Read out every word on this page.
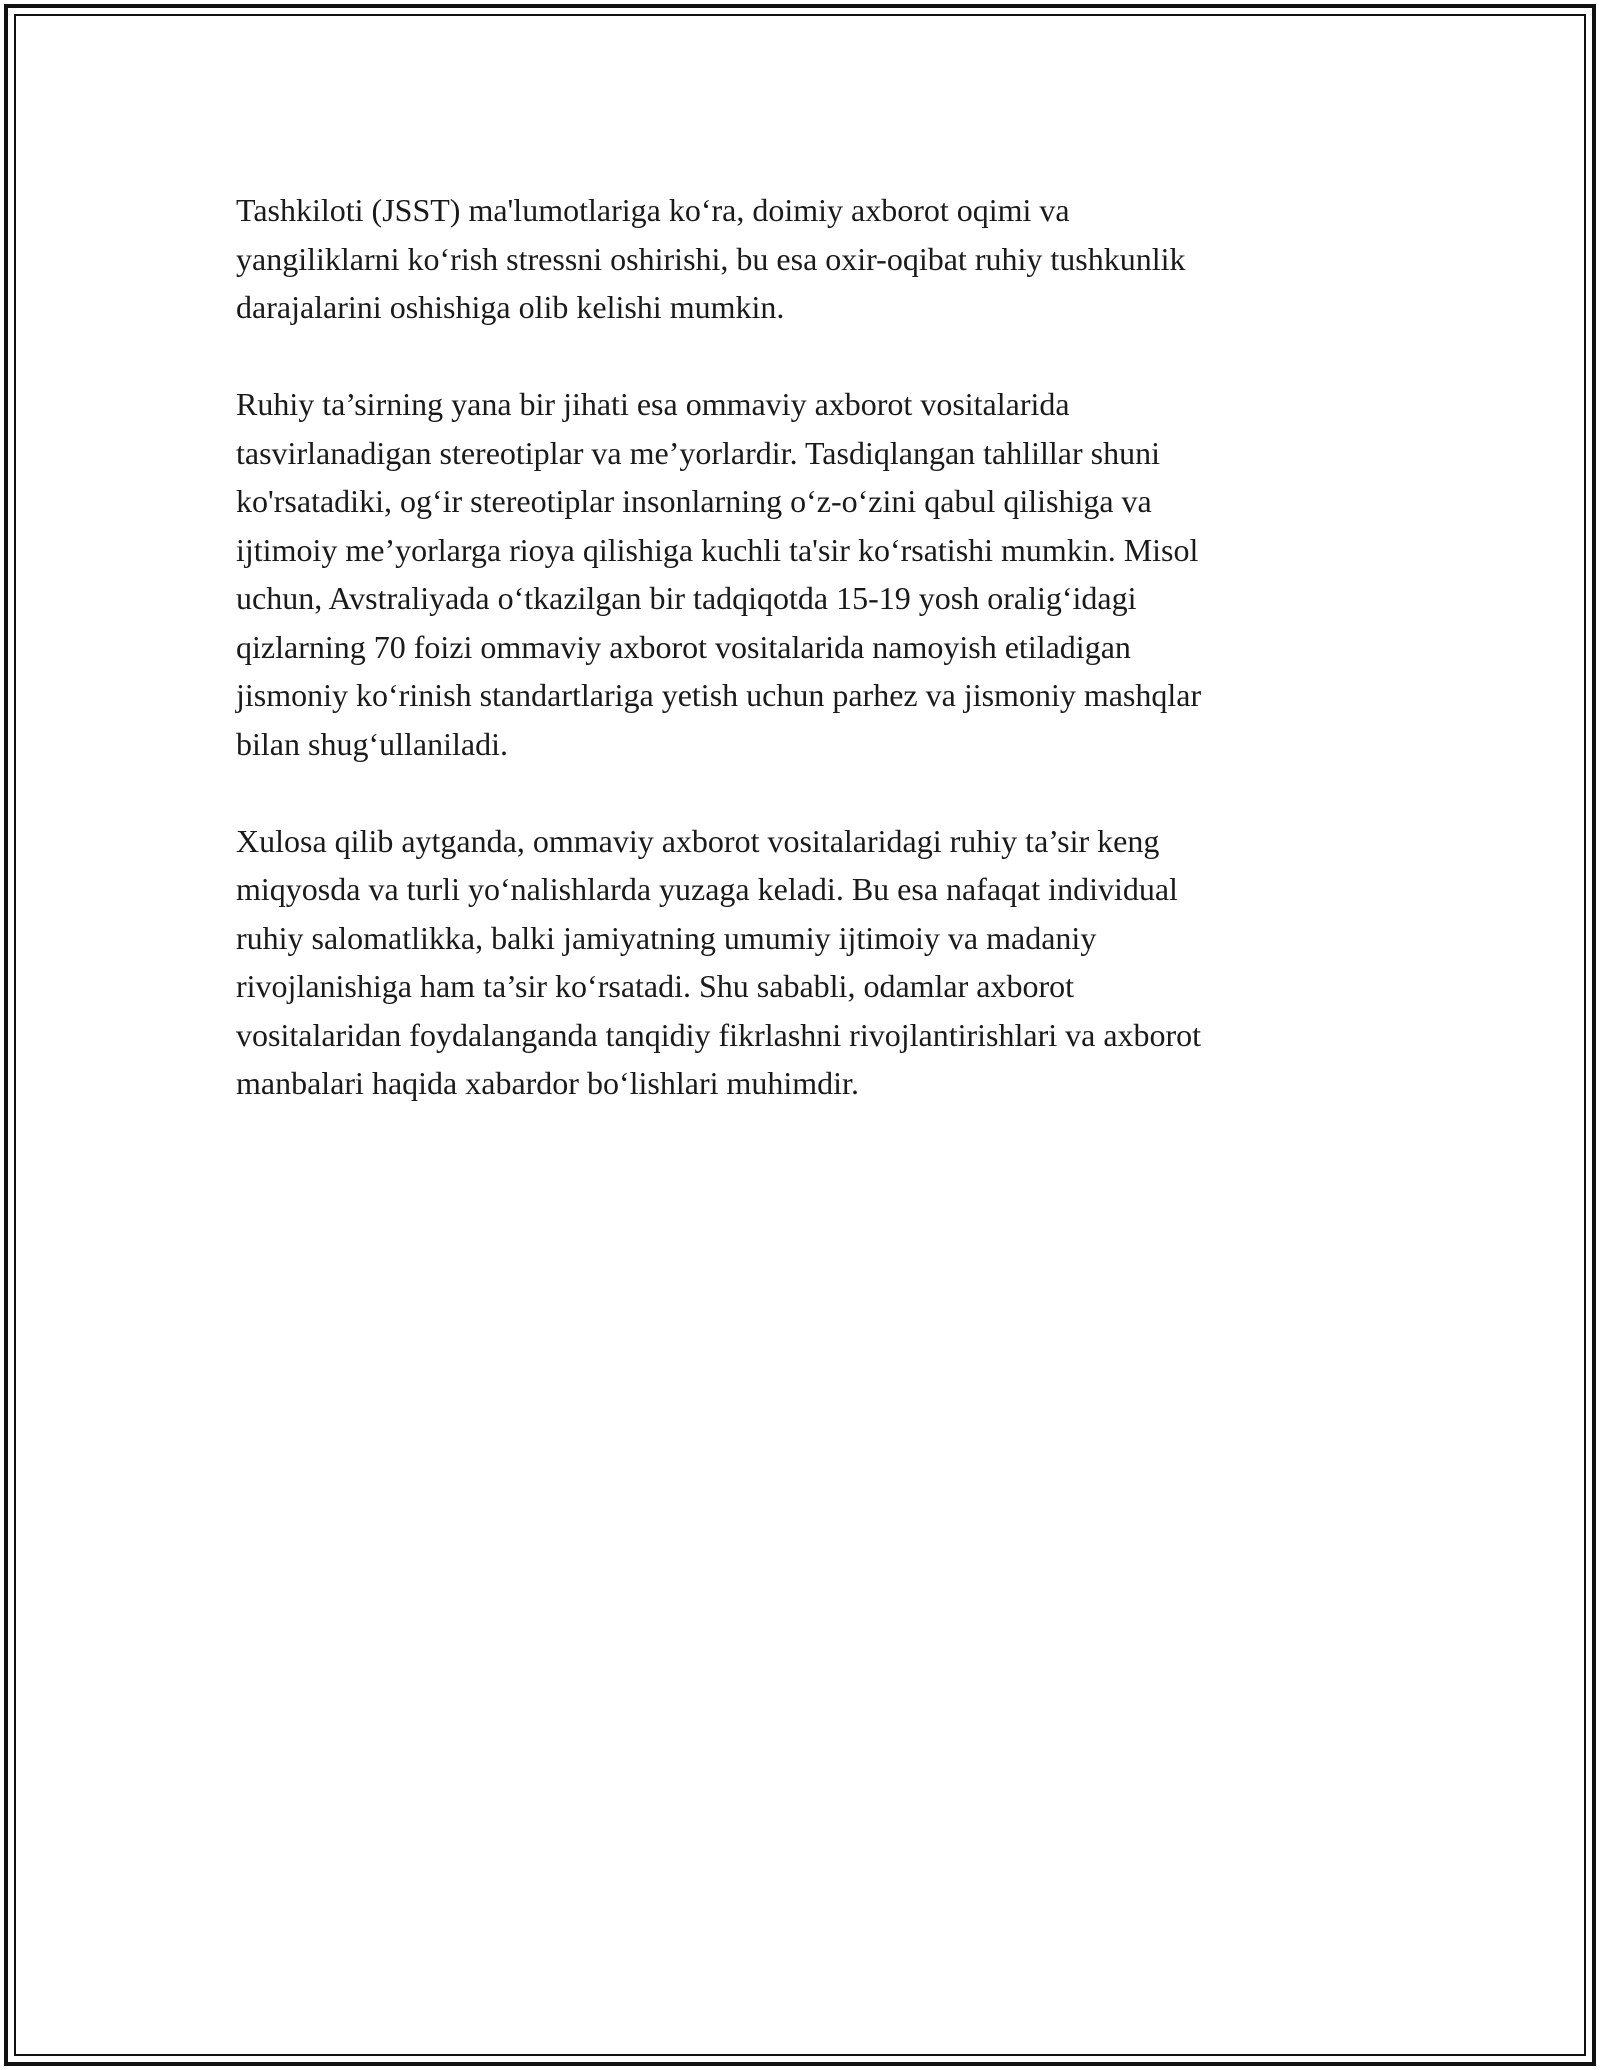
Tashkiloti (JSST) ma'lumotlariga ko‘ra, doimiy axborot oqimi va
yangiliklarni ko‘rish stressni oshirishi, bu esa oxir-oqibat ruhiy tushkunlik
darajalarini oshishiga olib kelishi mumkin.

Ruhiy ta’sirning yana bir jihati esa ommaviy axborot vositalarida
tasvirlanadigan stereotiplar va me’yorlardir. Tasdiqlangan tahlillar shuni
ko'rsatadiki, og‘ir stereotiplar insonlarning o‘z-o‘zini qabul qilishiga va
ijtimoiy me’yorlarga rioya qilishiga kuchli ta'sir ko‘rsatishi mumkin. Misol
uchun, Avstraliyada o‘tkazilgan bir tadqiqotda 15-19 yosh oralig‘idagi
qizlarning 70 foizi ommaviy axborot vositalarida namoyish etiladigan
jismoniy ko‘rinish standartlariga yetish uchun parhez va jismoniy mashqlar
bilan shug‘ullaniladi.

Xulosa qilib aytganda, ommaviy axborot vositalaridagi ruhiy ta’sir keng
miqyosda va turli yo‘nalishlarda yuzaga keladi. Bu esa nafaqat individual
ruhiy salomatlikka, balki jamiyatning umumiy ijtimoiy va madaniy
rivojlanishiga ham ta’sir ko‘rsatadi. Shu sababli, odamlar axborot
vositalaridan foydalanganda tanqidiy fikrlashni rivojlantirishlari va axborot
manbalari haqida xabardor bo‘lishlari muhimdir.
